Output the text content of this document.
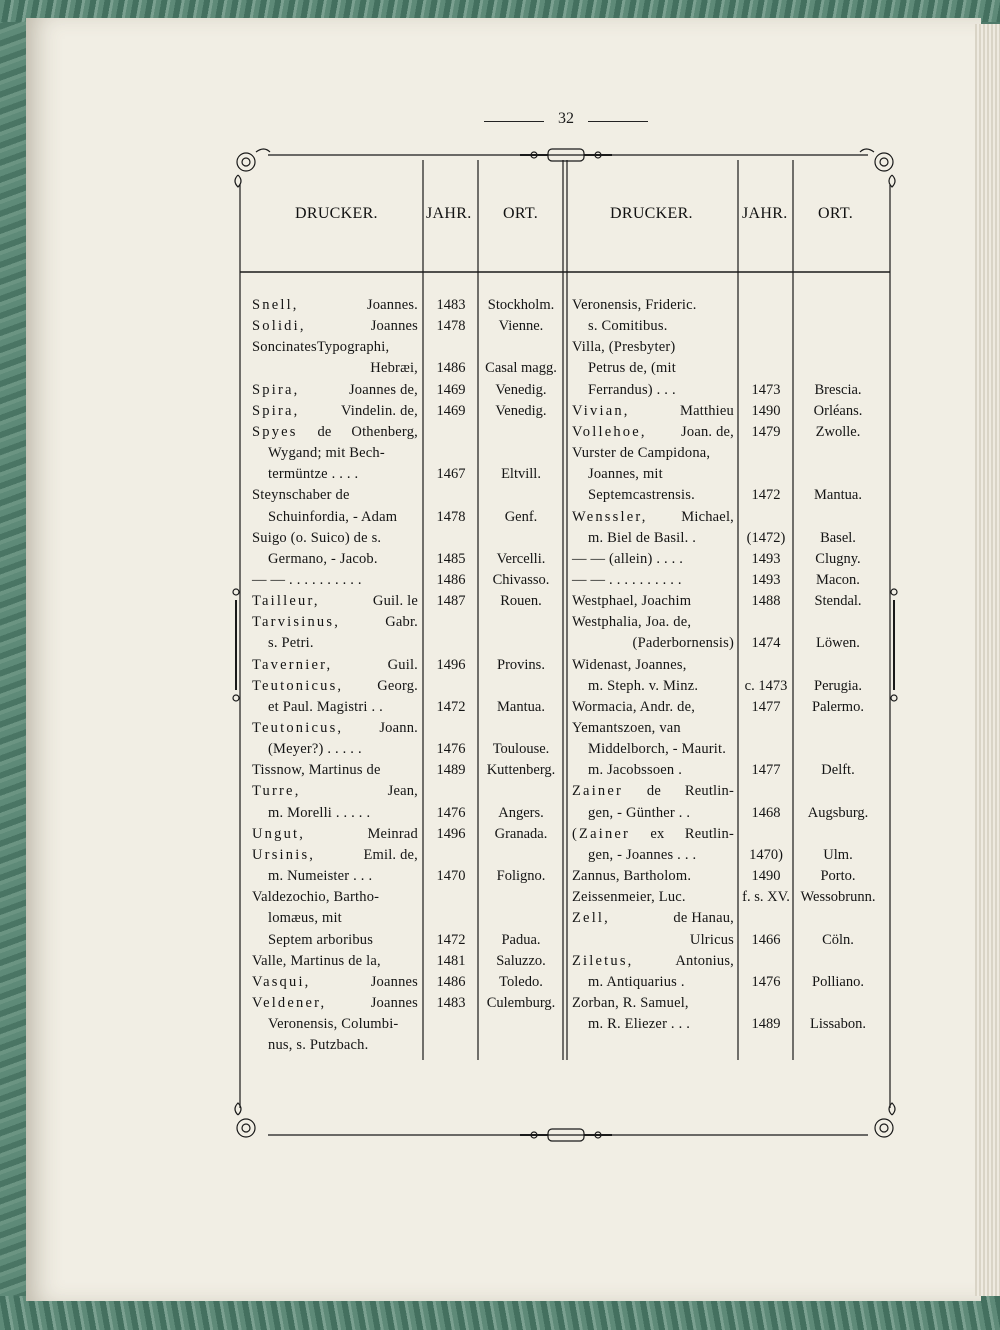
32
DRUCKER.	JAHR. ORT.	DRUCKER.	JAHR. ORT.
Snell,	Joannes.	1483	Stockholm.
Solidi,	Joannes	1478	Vienne.
SoncinatesTypographi,
Hebræi,	1486	Casal magg.
Spira,	Joannes de,	1469	Venedig.
Spira,	Vindelin. de,	1469	Venedig.
Spyes de Othenberg,
Wygand; mit Bech-
termüntze . . . .	1467	Eltvill.
Steynschaber de
Schuinfordia, - Adam	1478	Genf.
Suigo (o. Suico) de s.
Germano, - Jacob.	1485	Vercelli.
— — . . . . . . . . . .	1486	Chivasso.
Tailleur,	Guil. le	1487	Rouen.
Tarvisinus,	Gabr.
s. Petri.
Tavernier,	Guil.	1496	Provins.
Teutonicus, Georg.
et Paul. Magistri . .	1472	Mantua.
Teutonicus, Joann.
(Meyer?) . . . . .	1476	Toulouse.
Tissnow, Martinus de	1489	Kuttenberg.
Turre,	Jean,
m. Morelli . . . . .	1476	Angers.
Ungut,	Meinrad	1496	Granada.
Ursinis,	Emil. de,
m. Numeister . . .	1470	Foligno.
Valdezochio, Bartho-
lomæus, mit
Septem arboribus	1472	Padua.
Valle, Martinus de la,	1481	Saluzzo.
Vasqui,	Joannes	1486	Toledo.
Veldener,	Joannes	1483	Culemburg.
Veronensis, Columbi-
nus, s. Putzbach.
Veronensis, Frideric.
s. Comitibus.
Villa, (Presbyter)
Petrus de, (mit
Ferrandus) . . .	1473	Brescia.
Vivian,	Matthieu	1490	Orléans.
Vollehoe, Joan. de,	1479	Zwolle.
Vurster de Campidona,
Joannes, mit
Septemcastrensis.	1472	Mantua.
Wenssler, Michael,
m. Biel de Basil. .	(1472)	Basel.
— — (allein) . . . .	1493	Clugny.
— — . . . . . . . . . .	1493	Macon.
Westphael, Joachim	1488	Stendal.
Westphalia, Joa. de,
(Paderbornensis)	1474	Löwen.
Widenast, Joannes,
m. Steph. v. Minz.	c. 1473	Perugia.
Wormacia, Andr. de,	1477	Palermo.
Yemantszoen, van
Middelborch, - Maurit.
m. Jacobssoen .	1477	Delft.
Zainer de Reutlin-
gen, - Günther . .	1468	Augsburg.
(Zainer ex Reutlin-
gen, - Joannes . . .	1470)	Ulm.
Zannus, Bartholom.	1490	Porto.
Zeissenmeier, Luc.	f. s. XV. Wessobrunn.
Zell,	de Hanau,
Ulricus	1466	Cöln.
Ziletus,	Antonius,
m. Antiquarius .	1476	Polliano.
Zorban, R. Samuel,
m. R. Eliezer . . .	1489	Lissabon.
